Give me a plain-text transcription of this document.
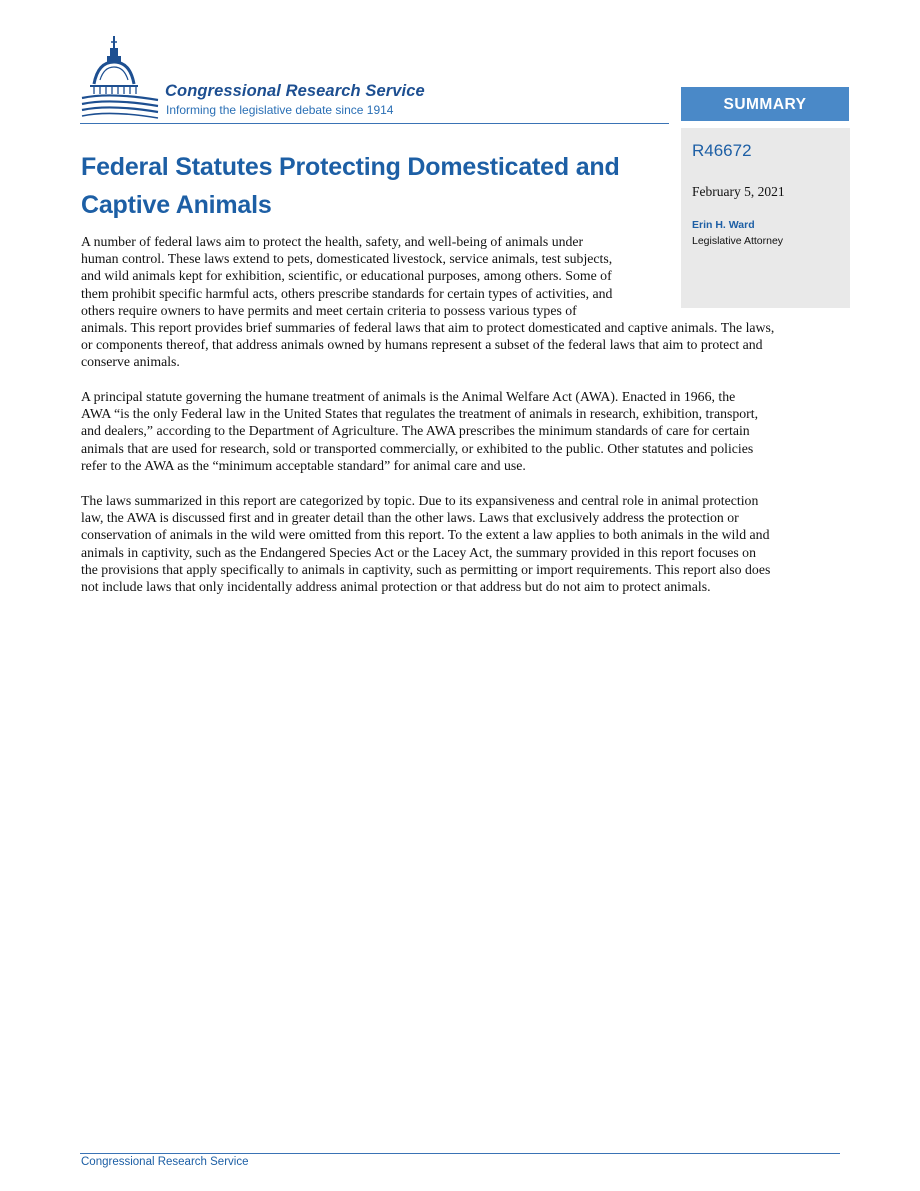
Congressional Research Service
Informing the legislative debate since 1914	SUMMARY
R46672
February 5, 2021
Erin H. Ward
Legislative Attorney
Federal Statutes Protecting Domesticated and
Captive Animals

A number of federal laws aim to protect the health, safety, and well-being of animals under
human control. These laws extend to pets, domesticated livestock, service animals, test subjects,
and wild animals kept for exhibition, scientific, or educational purposes, among others. Some of
them prohibit specific harmful acts, others prescribe standards for certain types of activities, and
others require owners to have permits and meet certain criteria to possess various types of
animals. This report provides brief summaries of federal laws that aim to protect domesticated and captive animals. The laws,
or components thereof, that address animals owned by humans represent a subset of the federal laws that aim to protect and
conserve animals.

A principal statute governing the humane treatment of animals is the Animal Welfare Act (AWA). Enacted in 1966, the
AWA “is the only Federal law in the United States that regulates the treatment of animals in research, exhibition, transport,
and dealers,” according to the Department of Agriculture. The AWA prescribes the minimum standards of care for certain
animals that are used for research, sold or transported commercially, or exhibited to the public. Other statutes and policies
refer to the AWA as the “minimum acceptable standard” for animal care and use.

The laws summarized in this report are categorized by topic. Due to its expansiveness and central role in animal protection
law, the AWA is discussed first and in greater detail than the other laws. Laws that exclusively address the protection or
conservation of animals in the wild were omitted from this report. To the extent a law applies to both animals in the wild and
animals in captivity, such as the Endangered Species Act or the Lacey Act, the summary provided in this report focuses on
the provisions that apply specifically to animals in captivity, such as permitting or import requirements. This report also does
not include laws that only incidentally address animal protection or that address but do not aim to protect animals.

Congressional Research Service
